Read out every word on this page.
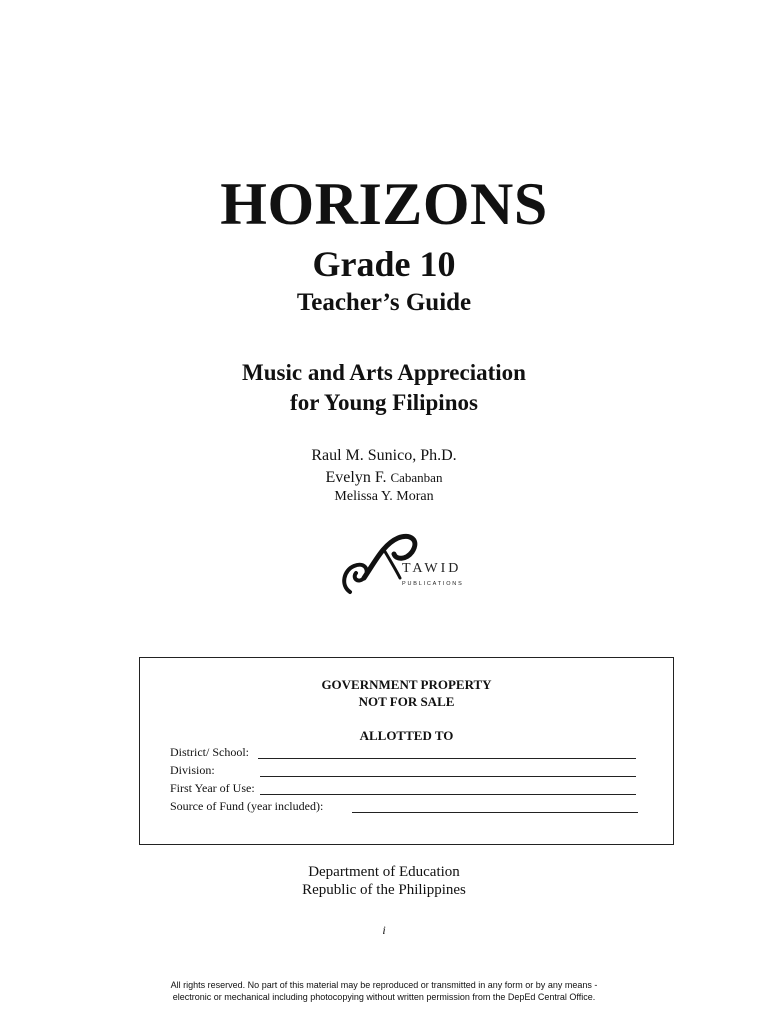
HORIZONS
Grade 10
Teacher’s Guide
Music and Arts Appreciation
for Young Filipinos
Raul M. Sunico, Ph.D.
Evelyn F. Cabanban
Melissa Y. Moran
TAWID
PUBLICATIONS
GOVERNMENT PROPERTY
NOT FOR SALE
ALLOTTED TO
District/ School:
Division:
First Year of Use:
Source of Fund (year included):
Department of Education
Republic of the Philippines
i
All rights reserved. No part of this material may be reproduced or transmitted in any form or by any means -
electronic or mechanical including photocopying without written permission from the DepEd Central Office.
